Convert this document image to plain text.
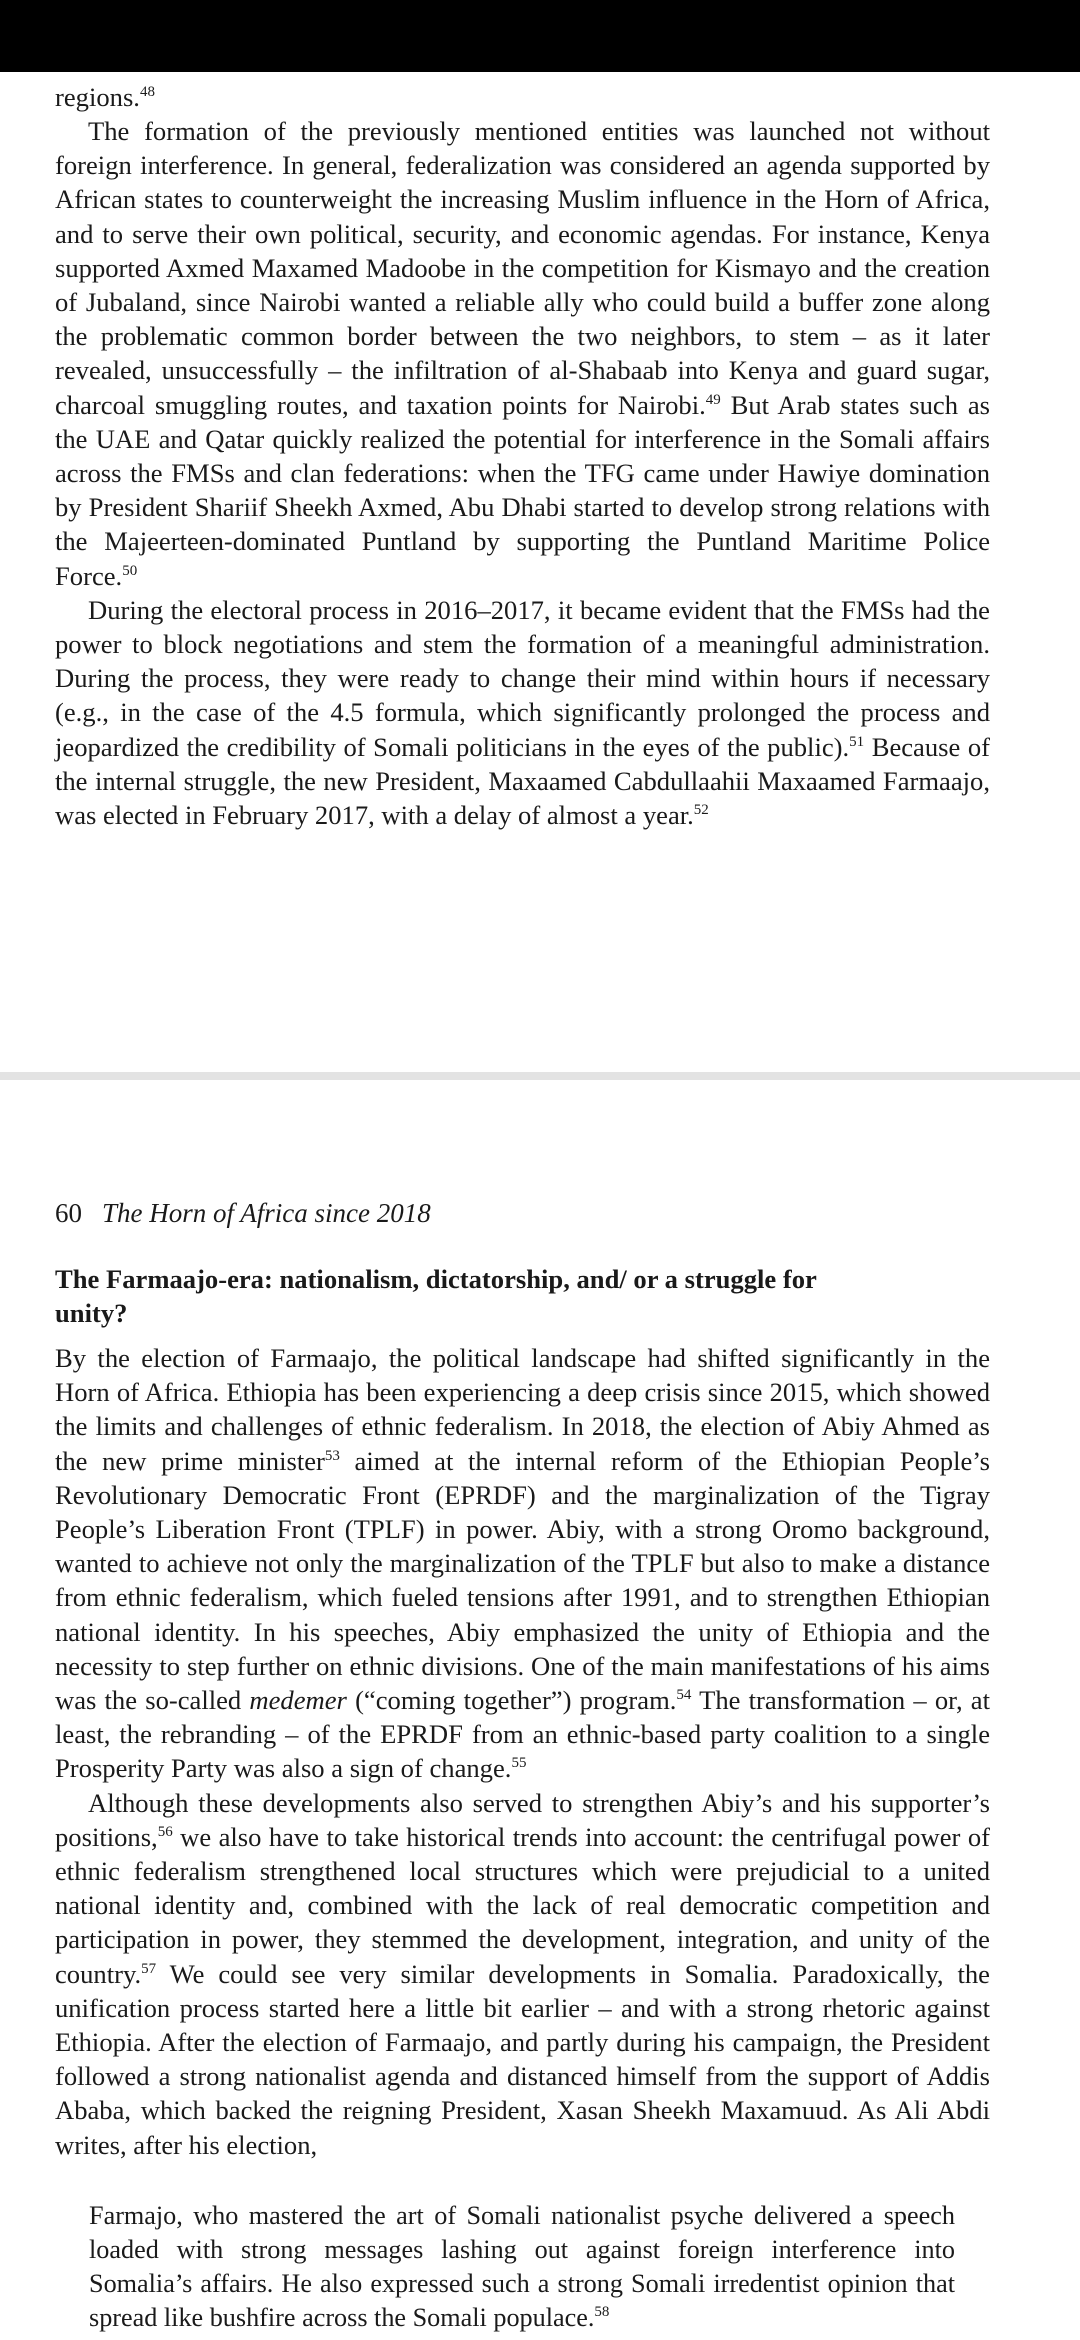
regions.$^{48}$

The formation of the previously mentioned entities was launched not without foreign interference. In general, federalization was considered an agenda supported by African states to counterweight the increasing Muslim influence in the Horn of Africa, and to serve their own political, security, and economic agendas. For instance, Kenya supported Axmed Maxamed Madoobe in the competition for Kismayo and the creation of Jubaland, since Nairobi wanted a reliable ally who could build a buffer zone along the problematic common border between the two neighbors, to stem – as it later revealed, unsuccessfully – the infiltration of al-Shabaab into Kenya and guard sugar, charcoal smuggling routes, and taxation points for Nairobi.$^{49}$ But Arab states such as the UAE and Qatar quickly realized the potential for interference in the Somali affairs across the FMSs and clan federations: when the TFG came under Hawiye domination by President Shariif Sheekh Axmed, Abu Dhabi started to develop strong relations with the Majeerteen-dominated Puntland by supporting the Puntland Maritime Police Force.$^{50}$

During the electoral process in 2016–2017, it became evident that the FMSs had the power to block negotiations and stem the formation of a meaningful administration. During the process, they were ready to change their mind within hours if necessary (e.g., in the case of the 4.5 formula, which significantly prolonged the process and jeopardized the credibility of Somali politicians in the eyes of the public).$^{51}$ Because of the internal struggle, the new President, Maxaamed Cabdullaahii Maxaamed Farmaajo, was elected in February 2017, with a delay of almost a year.$^{52}$

60 The Horn of Africa since 2018
The Farmaajo-era: nationalism, dictatorship, and/ or a struggle for unity?

By the election of Farmaajo, the political landscape had shifted significantly in the Horn of Africa. Ethiopia has been experiencing a deep crisis since 2015, which showed the limits and challenges of ethnic federalism. In 2018, the election of Abiy Ahmed as the new prime minister$^{53}$ aimed at the internal reform of the Ethiopian People’s Revolutionary Democratic Front (EPRDF) and the marginalization of the Tigray People’s Liberation Front (TPLF) in power. Abiy, with a strong Oromo background, wanted to achieve not only the marginalization of the TPLF but also to make a distance from ethnic federalism, which fueled tensions after 1991, and to strengthen Ethiopian national identity. In his speeches, Abiy emphasized the unity of Ethiopia and the necessity to step further on ethnic divisions. One of the main manifestations of his aims was the so-called medemer (“coming together”) program.$^{54}$ The transformation – or, at least, the rebranding – of the EPRDF from an ethnic-based party coalition to a single Prosperity Party was also a sign of change.$^{55}$

Although these developments also served to strengthen Abiy’s and his supporter’s positions,$^{56}$ we also have to take historical trends into account: the centrifugal power of ethnic federalism strengthened local structures which were prejudicial to a united national identity and, combined with the lack of real democratic competition and participation in power, they stemmed the development, integration, and unity of the country.$^{57}$ We could see very similar developments in Somalia. Paradoxically, the unification process started here a little bit earlier – and with a strong rhetoric against Ethiopia. After the election of Farmaajo, and partly during his campaign, the President followed a strong nationalist agenda and distanced himself from the support of Addis Ababa, which backed the reigning President, Xasan Sheekh Maxamuud. As Ali Abdi writes, after his election,

Farmajo, who mastered the art of Somali nationalist psyche delivered a speech loaded with strong messages lashing out against foreign interference into Somalia’s affairs. He also expressed such a strong Somali irredentist opinion that spread like bushfire across the Somali populace.$^{58}$
